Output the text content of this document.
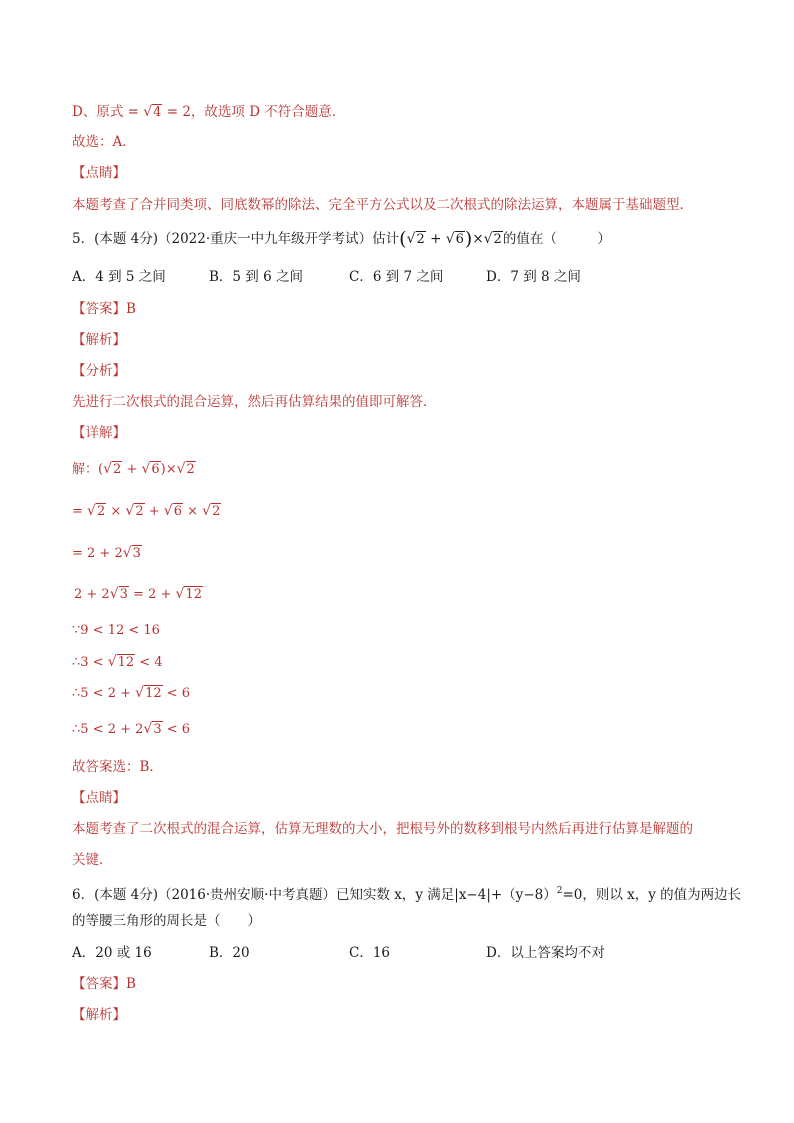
D、原式 = √4 = 2，故选项 D 不符合题意．
故选：A．
【点睛】
本题考查了合并同类项、同底数幂的除法、完全平方公式以及二次根式的除法运算，本题属于基础题型．
5．(本题 4分)（2022·重庆一中九年级开学考试）估计(√2 + √6)×√2的值在（　　　）
A．4 到 5 之间	B．5 到 6 之间	C．6 到 7 之间	D．7 到 8 之间
【答案】B
【解析】
【分析】
先进行二次根式的混合运算，然后再估算结果的值即可解答．
【详解】
解：(√2 + √6)×√2
= √2 × √2 + √6 × √2
= 2 + 2√3
2 + 2√3 = 2 + √12
∵9 < 12 < 16
∴3 < √12 < 4
∴5 < 2 + √12 < 6
∴5 < 2 + 2√3 < 6
故答案选：B．
【点睛】
本题考查了二次根式的混合运算，估算无理数的大小，把根号外的数移到根号内然后再进行估算是解题的
关键．
6．(本题 4分)（2016·贵州安顺·中考真题）已知实数 x，y 满足$|x-4|+(y-8)^2=0$，则以 x，y 的值为两边长
的等腰三角形的周长是（　　）
A．20 或 16	B．20	C．16	D．以上答案均不对
【答案】B
【解析】
